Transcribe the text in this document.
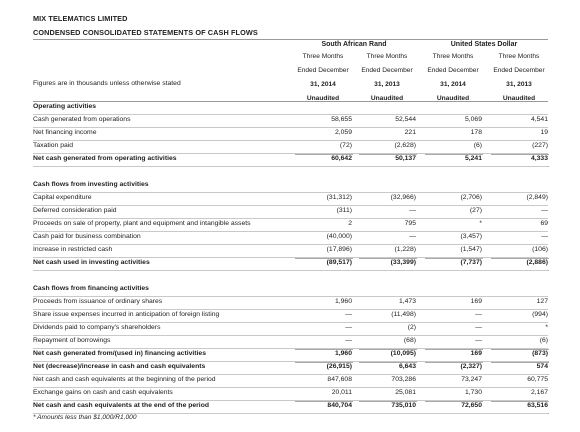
MIX TELEMATICS LIMITED
CONDENSED CONSOLIDATED STATEMENTS OF CASH FLOWS
South African Rand	United States Dollar
Three Months	Three Months	Three Months	Three Months
Ended December	Ended December	Ended December	Ended December
31, 2014	31, 2013	31, 2014	31, 2013
Unaudited	Unaudited	Unaudited	Unaudited
Figures are in thousands unless otherwise stated
Operating activities
Cash generated from operations	58,655	52,544	5,069	4,541
Net financing income	2,059	221	178	19
Taxation paid	(72)	(2,628)	(6)	(227)
Net cash generated from operating activities	60,642	50,137	5,241	4,333
Cash flows from investing activities
Capital expenditure	(31,312)	(32,966)	(2,706)	(2,849)
Deferred consideration paid	(311)	—	(27)	—
Proceeds on sale of property, plant and equipment and intangible assets	2	795	*	69
Cash paid for business combination	(40,000)	—	(3,457)	—
Increase in restricted cash	(17,896)	(1,228)	(1,547)	(106)
Net cash used in investing activities	(89,517)	(33,399)	(7,737)	(2,886)
Cash flows from financing activities
Proceeds from issuance of ordinary shares	1,960	1,473	169	127
Share issue expenses incurred in anticipation of foreign listing	—	(11,498)	—	(994)
Dividends paid to company's shareholders	—	(2)	—	*
Repayment of borrowings	—	(68)	—	(6)
Net cash generated from/(used in) financing activities	1,960	(10,095)	169	(873)
Net (decrease)/increase in cash and cash equivalents	(26,915)	6,643	(2,327)	574
Net cash and cash equivalents at the beginning of the period	847,608	703,286	73,247	60,775
Exchange gains on cash and cash equivalents	20,011	25,081	1,730	2,167
Net cash and cash equivalents at the end of the period	840,704	735,010	72,650	63,516
* Amounts less than $1,000/R1,000
